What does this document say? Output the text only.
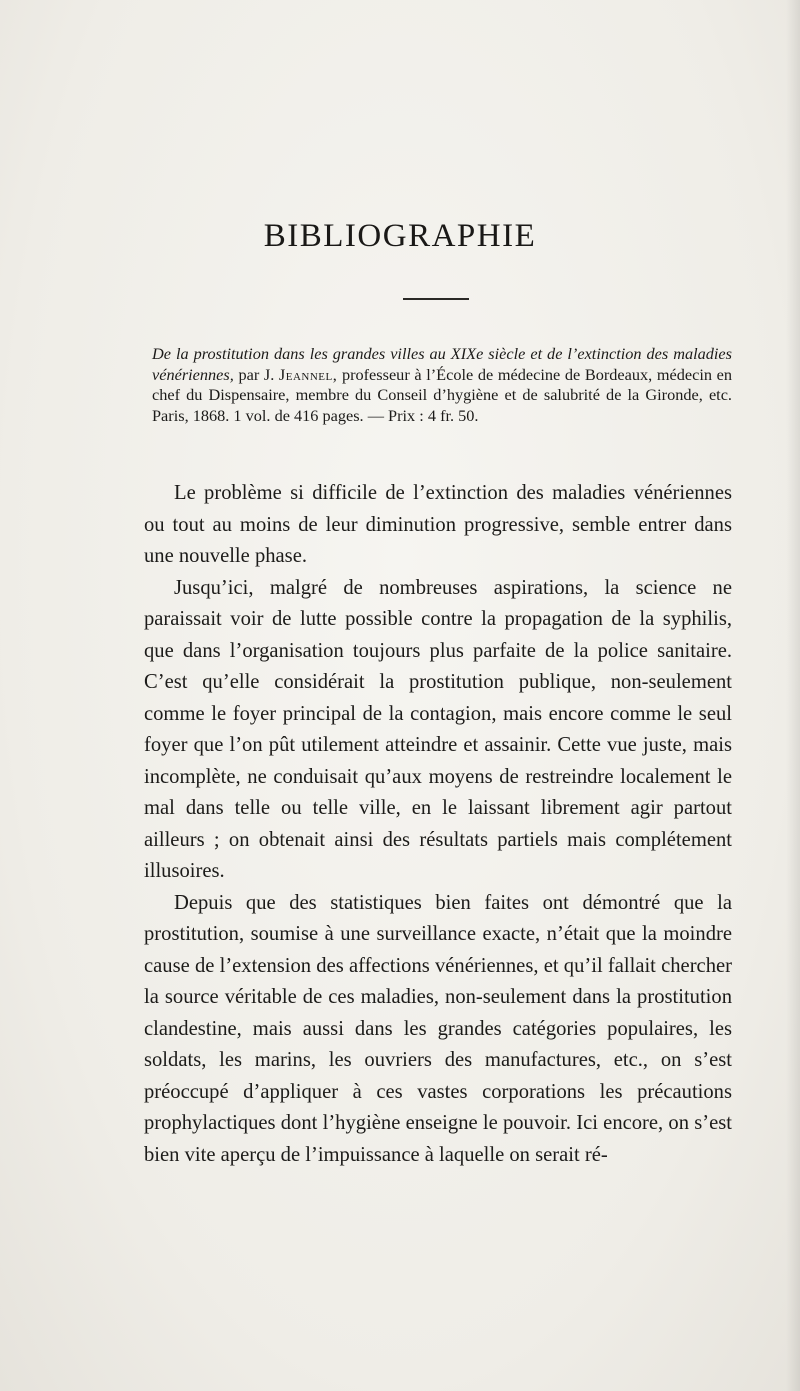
BIBLIOGRAPHIE

De la prostitution dans les grandes villes au XIXe siècle et de l’extinction des maladies vénériennes, par J. Jeannel, professeur à l’École de médecine de Bordeaux, médecin en chef du Dispensaire, membre du Conseil d’hygiène et de salubrité de la Gironde, etc. Paris, 1868. 1 vol. de 416 pages. — Prix : 4 fr. 50.

Le problème si difficile de l’extinction des maladies vénériennes ou tout au moins de leur diminution progressive, semble entrer dans une nouvelle phase.

Jusqu’ici, malgré de nombreuses aspirations, la science ne paraissait voir de lutte possible contre la propagation de la syphilis, que dans l’organisation toujours plus parfaite de la police sanitaire. C’est qu’elle considérait la prostitution publique, non-seulement comme le foyer principal de la contagion, mais encore comme le seul foyer que l’on pût utilement atteindre et assainir. Cette vue juste, mais incomplète, ne conduisait qu’aux moyens de restreindre localement le mal dans telle ou telle ville, en le laissant librement agir partout ailleurs ; on obtenait ainsi des résultats partiels mais complétement illusoires.

Depuis que des statistiques bien faites ont démontré que la prostitution, soumise à une surveillance exacte, n’était que la moindre cause de l’extension des affections vénériennes, et qu’il fallait chercher la source véritable de ces maladies, non-seulement dans la prostitution clandestine, mais aussi dans les grandes catégories populaires, les soldats, les marins, les ouvriers des manufactures, etc., on s’est préoccupé d’appliquer à ces vastes corporations les précautions prophylactiques dont l’hygiène enseigne le pouvoir. Ici encore, on s’est bien vite aperçu de l’impuissance à laquelle on serait ré-
